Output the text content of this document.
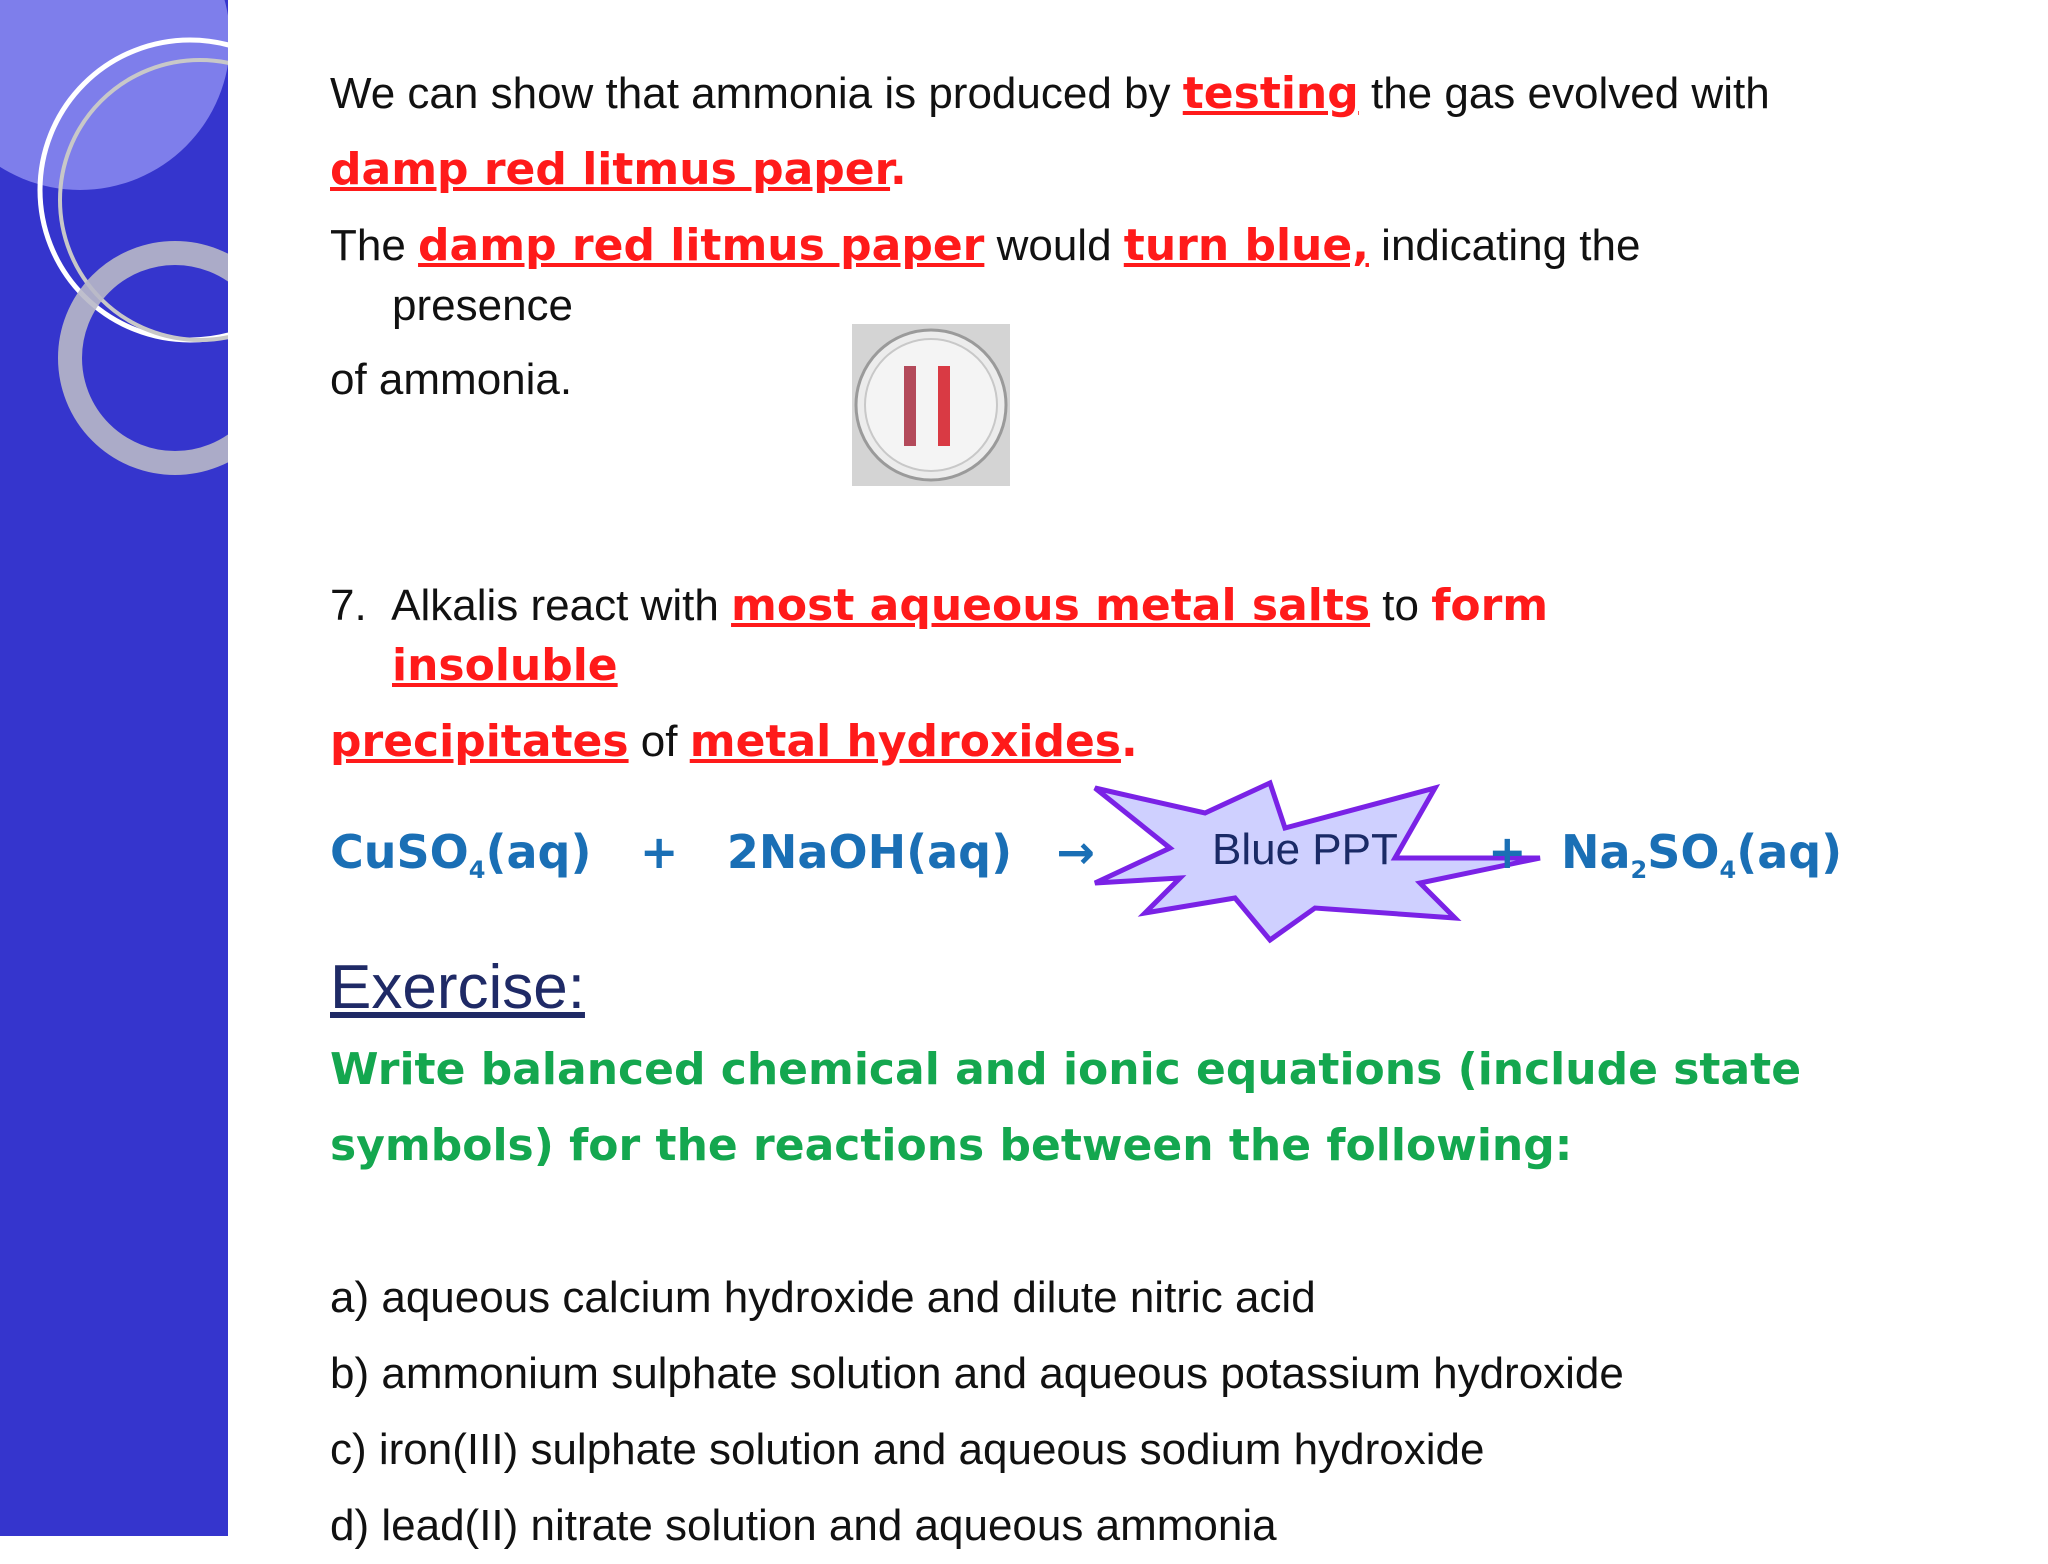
We can show that ammonia is produced by testing the gas evolved with
damp red litmus paper.
The damp red litmus paper would turn blue, indicating the
presence
of ammonia.
7. Alkalis react with most aqueous metal salts to form
insoluble
precipitates of metal hydroxides.
Exercise:
Write balanced chemical and ionic equations (include state
symbols) for the reactions between the following:
a) aqueous calcium hydroxide and dilute nitric acid
b) ammonium sulphate solution and aqueous potassium hydroxide
c) iron(III) sulphate solution and aqueous sodium hydroxide
d) lead(II) nitrate solution and aqueous ammonia
CuSO$_4$(aq) + 2NaOH(aq) →	Blue PPT + $Na_2SO_4(aq)$
